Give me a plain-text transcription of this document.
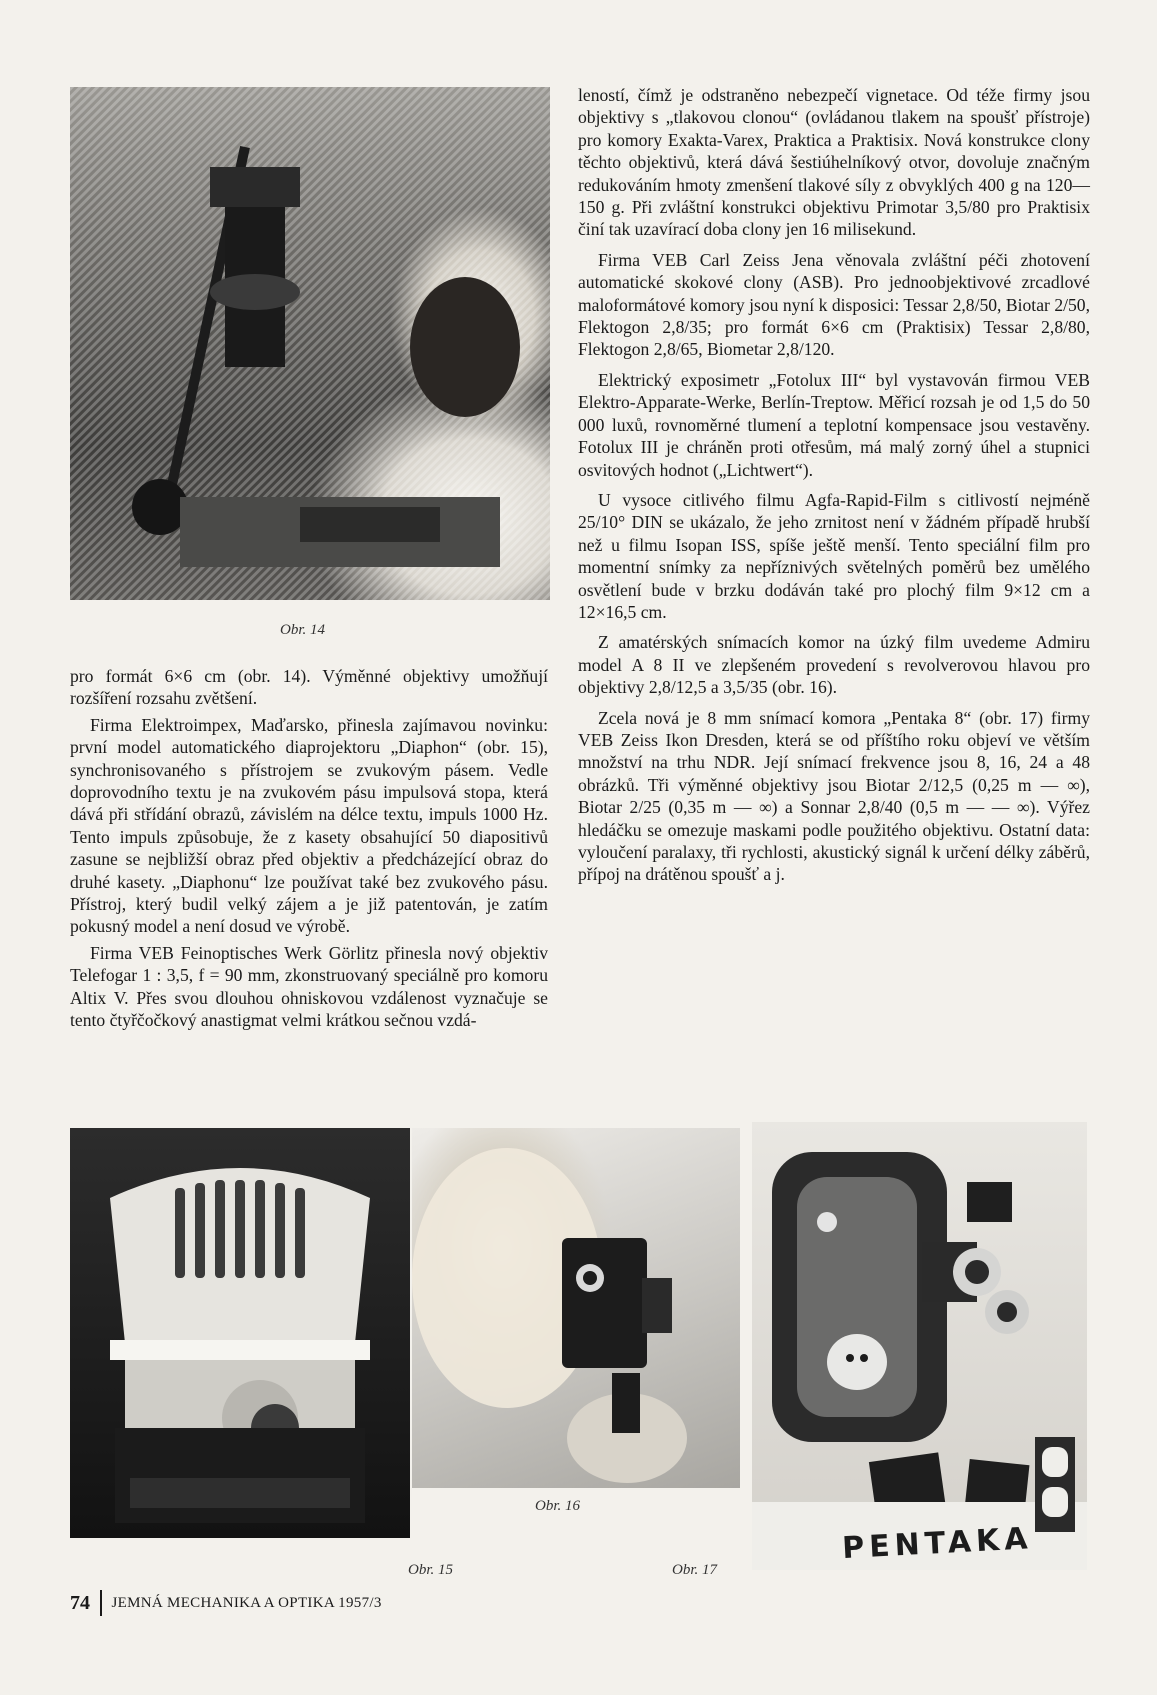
Obr. 14

pro formát 6×6 cm (obr. 14). Výměnné objektivy umožňují rozšíření rozsahu zvětšení.

Firma Elektroimpex, Maďarsko, přinesla zajímavou novinku: první model automatického diaprojektoru „Diaphon“ (obr. 15), synchronisovaného s přístrojem se zvukovým pásem. Vedle doprovodního textu je na zvukovém pásu impulsová stopa, která dává při střídání obrazů, závislém na délce textu, impuls 1000 Hz. Tento impuls způsobuje, že z kasety obsahující 50 diapositivů zasune se nejbližší obraz před objektiv a předcházející obraz do druhé kasety. „Diaphonu“ lze používat také bez zvukového pásu. Přístroj, který budil velký zájem a je již patentován, je zatím pokusný model a není dosud ve výrobě.

Firma VEB Feinoptisches Werk Görlitz přinesla nový objektiv Telefogar 1 : 3,5, f = 90 mm, zkonstruovaný speciálně pro komoru Altix V. Přes svou dlouhou ohniskovou vzdálenost vyznačuje se tento čtyřčočkový anastigmat velmi krátkou sečnou vzdá-

leností, čímž je odstraněno nebezpečí vignetace. Od téže firmy jsou objektivy s „tlakovou clonou“ (ovládanou tlakem na spoušť přístroje) pro komory Exakta-Varex, Praktica a Praktisix. Nová konstrukce clony těchto objektivů, která dává šestiúhelníkový otvor, dovoluje značným redukováním hmoty zmenšení tlakové síly z obvyklých 400 g na 120—150 g. Při zvláštní konstrukci objektivu Primotar 3,5/80 pro Praktisix činí tak uzavírací doba clony jen 16 milisekund.

Firma VEB Carl Zeiss Jena věnovala zvláštní péči zhotovení automatické skokové clony (ASB). Pro jednoobjektivové zrcadlové maloformátové komory jsou nyní k disposici: Tessar 2,8/50, Biotar 2/50, Flektogon 2,8/35; pro formát 6×6 cm (Praktisix) Tessar 2,8/80, Flektogon 2,8/65, Biometar 2,8/120.

Elektrický exposimetr „Fotolux III“ byl vystavován firmou VEB Elektro-Apparate-Werke, Berlín-Treptow. Měřicí rozsah je od 1,5 do 50 000 luxů, rovnoměrné tlumení a teplotní kompensace jsou vestavěny. Fotolux III je chráněn proti otřesům, má malý zorný úhel a stupnici osvitových hodnot („Lichtwert“).

U vysoce citlivého filmu Agfa-Rapid-Film s citlivostí nejméně 25/10° DIN se ukázalo, že jeho zrnitost není v žádném případě hrubší než u filmu Isopan ISS, spíše ještě menší. Tento speciální film pro momentní snímky za nepříznivých světelných poměrů bez umělého osvětlení bude v brzku dodáván také pro plochý film 9×12 cm a 12×16,5 cm.

Z amatérských snímacích komor na úzký film uvedeme Admiru model A 8 II ve zlepšeném provedení s revolverovou hlavou pro objektivy 2,8/12,5 a 3,5/35 (obr. 16).

Zcela nová je 8 mm snímací komora „Pentaka 8“ (obr. 17) firmy VEB Zeiss Ikon Dresden, která se od příštího roku objeví ve větším množství na trhu NDR. Její snímací frekvence jsou 8, 16, 24 a 48 obrázků. Tři výměnné objektivy jsou Biotar 2/12,5 (0,25 m — ∞), Biotar 2/25 (0,35 m — ∞) a Sonnar 2,8/40 (0,5 m — — ∞). Výřez hledáčku se omezuje maskami podle použitého objektivu. Ostatní data: vyloučení paralaxy, tři rychlosti, akustický signál k určení délky záběrů, přípoj na drátěnou spoušť a j.

Obr. 15
Obr. 16
PENTAKA
Obr. 17
74 JEMNÁ MECHANIKA A OPTIKA 1957/3
